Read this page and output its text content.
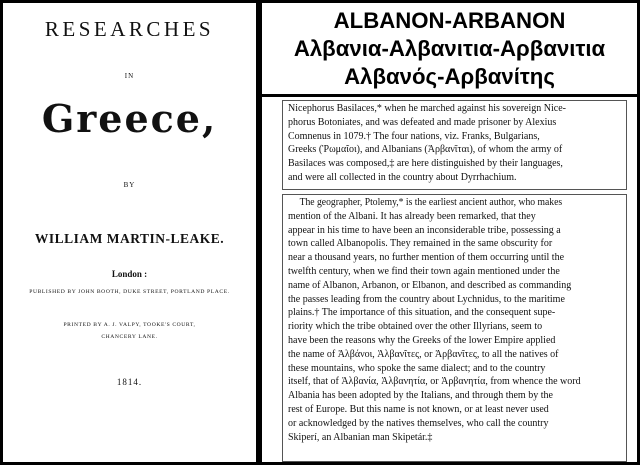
RESEARCHES
IN
Greece,
BY
WILLIAM MARTIN-LEAKE.
London :
PUBLISHED BY JOHN BOOTH, DUKE STREET, PORTLAND PLACE.
PRINTED BY A. J. VALPY, TOOKE'S COURT,
CHANCERY LANE.
1814.
ALBANON-ARBANON
Αλβανια-Αλβανιτια-Αρβανιτια
Αλβανός-Αρβανίτης
Nicephorus Basilaces,* when he marched against his sovereign Nice-
phorus Botoniates, and was defeated and made prisoner by Alexius
Comnenus in 1079.† The four nations, viz. Franks, Bulgarians,
Greeks (Ῥωμαῖοι), and Albanians (Ἀρβανῖται), of whom the army of
Basilaces was composed,‡ are here distinguished by their languages,
and were all collected in the country about Dyrrhachium.
The geographer, Ptolemy,* is the earliest ancient author, who makes
mention of the Albani. It has already been remarked, that they
appear in his time to have been an inconsiderable tribe, possessing a
town called Albanopolis. They remained in the same obscurity for
near a thousand years, no further mention of them occurring until the
twelfth century, when we find their town again mentioned under the
name of Albanon, Arbanon, or Elbanon, and described as commanding
the passes leading from the country about Lychnidus, to the maritime
plains.† The importance of this situation, and the consequent supe-
riority which the tribe obtained over the other Illyrians, seem to
have been the reasons why the Greeks of the lower Empire applied
the name of Ἀλβάνοι, Ἀλβανῖτες, or Ἀρβανῖτες, to all the natives of
these mountains, who spoke the same dialect; and to the country
itself, that of Ἀλβανία, Ἀλβανητία, or Ἀρβανητία, from whence the word
Albania has been adopted by the Italians, and through them by the
rest of Europe. But this name is not known, or at least never used
or acknowledged by the natives themselves, who call the country
Skiperí, an Albanian man Skipetár.‡
